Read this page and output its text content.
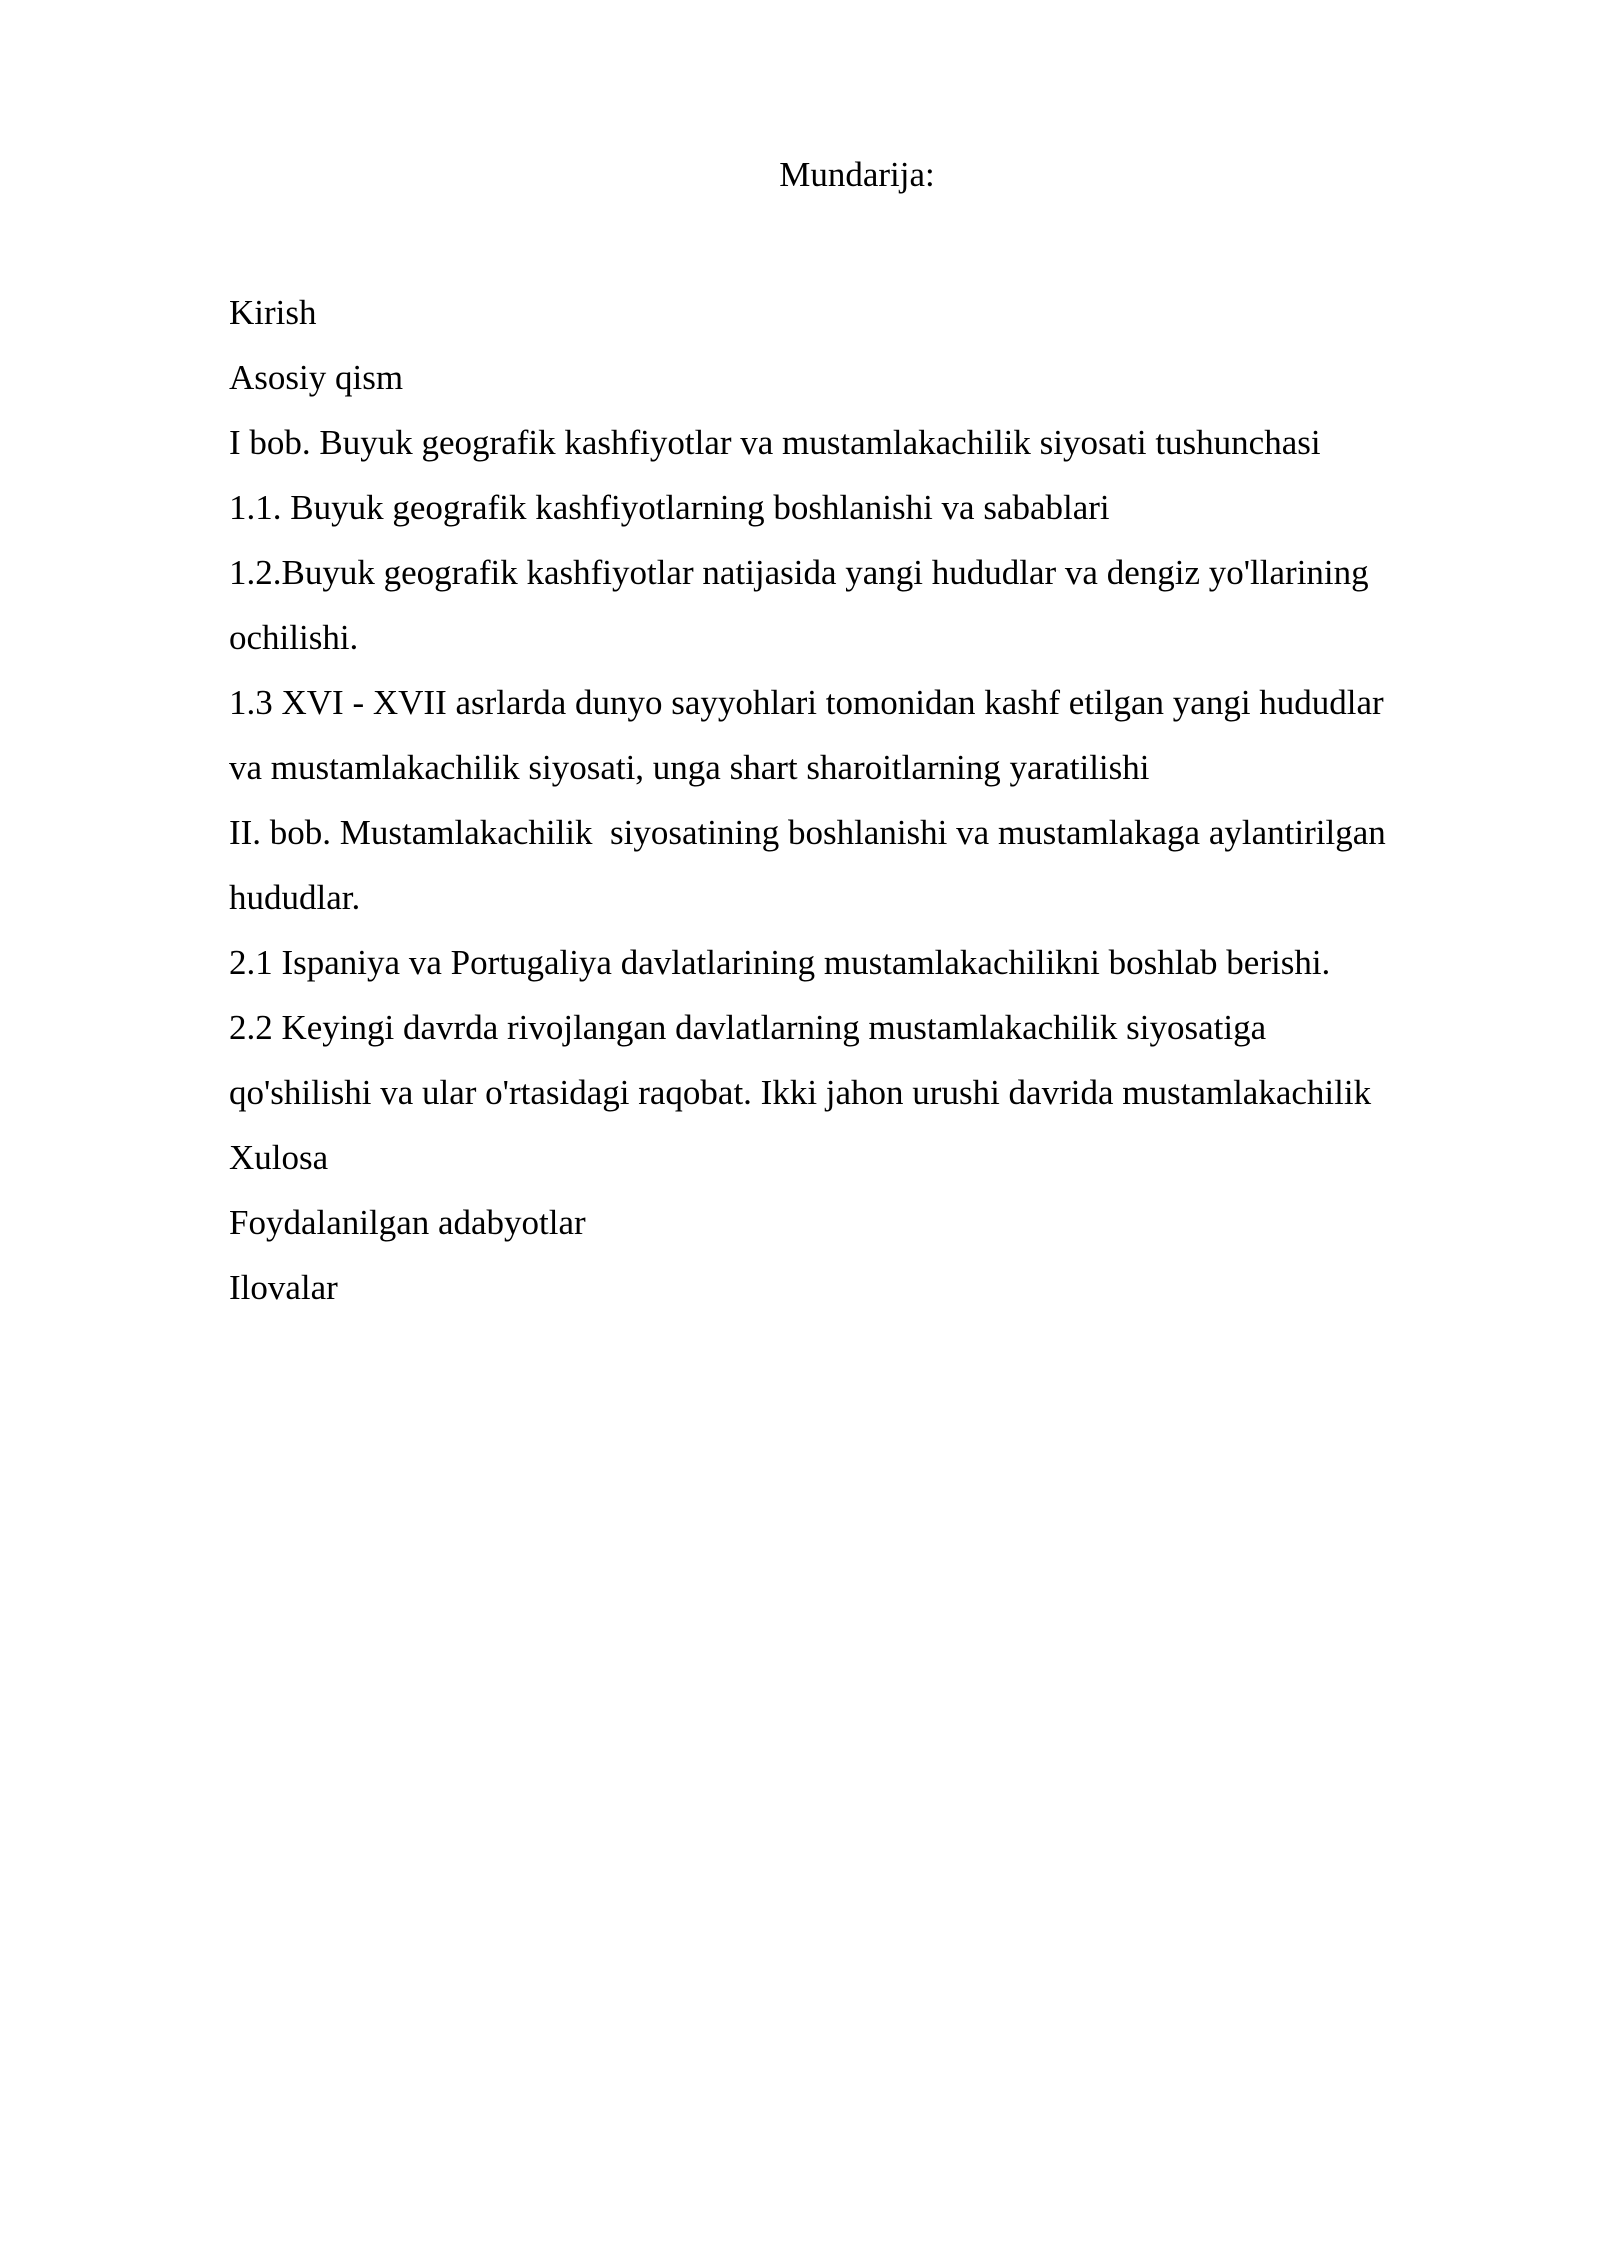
Mundarija:
Kirish
Asosiy qism
I bob. Buyuk geografik kashfiyotlar va mustamlakachilik siyosati tushunchasi
1.1. Buyuk geografik kashfiyotlarning boshlanishi va sabablari
1.2.Buyuk geografik kashfiyotlar natijasida yangi hududlar va dengiz yo'llarining
ochilishi.
1.3 XVI - XVII asrlarda dunyo sayyohlari tomonidan kashf etilgan yangi hududlar
va mustamlakachilik siyosati, unga shart sharoitlarning yaratilishi
II. bob. Mustamlakachilik  siyosatining boshlanishi va mustamlakaga aylantirilgan
hududlar.
2.1 Ispaniya va Portugaliya davlatlarining mustamlakachilikni boshlab berishi.
2.2 Keyingi davrda rivojlangan davlatlarning mustamlakachilik siyosatiga
qo'shilishi va ular o'rtasidagi raqobat. Ikki jahon urushi davrida mustamlakachilik
Xulosa
Foydalanilgan adabyotlar
Ilovalar
